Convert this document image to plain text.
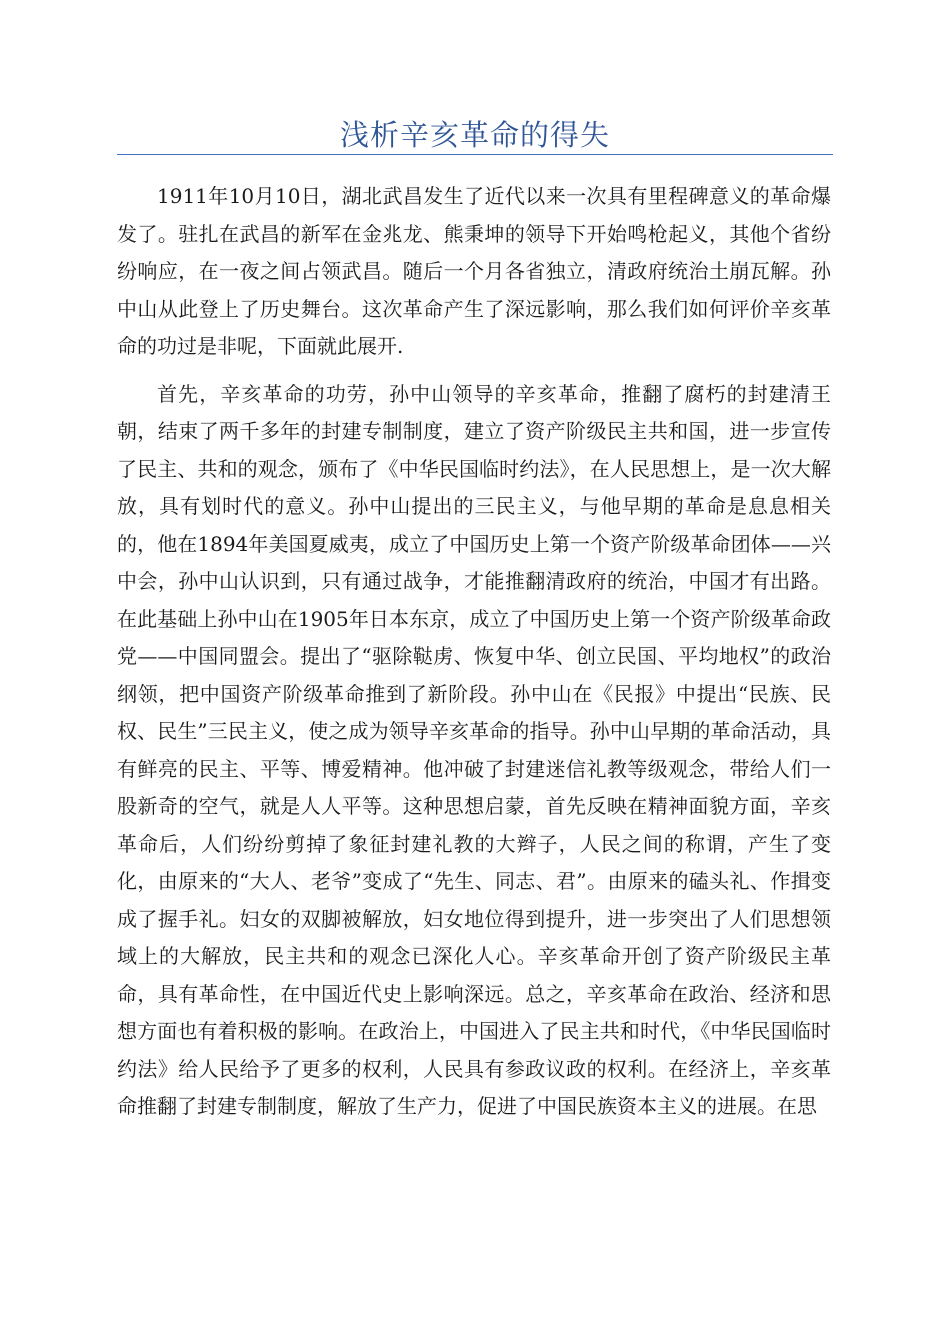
浅析辛亥革命的得失

1911年10月10日，湖北武昌发生了近代以来一次具有里程碑意义的革命爆发了。驻扎在武昌的新军在金兆龙、熊秉坤的领导下开始鸣枪起义，其他个省纷纷响应，在一夜之间占领武昌。随后一个月各省独立，清政府统治土崩瓦解。孙中山从此登上了历史舞台。这次革命产生了深远影响，那么我们如何评价辛亥革命的功过是非呢，下面就此展开.

首先，辛亥革命的功劳，孙中山领导的辛亥革命，推翻了腐朽的封建清王朝，结束了两千多年的封建专制制度，建立了资产阶级民主共和国，进一步宣传了民主、共和的观念，颁布了《中华民国临时约法》，在人民思想上，是一次大解放，具有划时代的意义。孙中山提出的三民主义，与他早期的革命是息息相关的，他在1894年美国夏威夷，成立了中国历史上第一个资产阶级革命团体——兴中会，孙中山认识到，只有通过战争，才能推翻清政府的统治，中国才有出路。在此基础上孙中山在1905年日本东京，成立了中国历史上第一个资产阶级革命政党——中国同盟会。提出了“驱除鞑虏、恢复中华、创立民国、平均地权”的政治纲领，把中国资产阶级革命推到了新阶段。孙中山在《民报》中提出“民族、民权、民生”三民主义，使之成为领导辛亥革命的指导。孙中山早期的革命活动，具有鲜亮的民主、平等、博爱精神。他冲破了封建迷信礼教等级观念，带给人们一股新奇的空气，就是人人平等。这种思想启蒙，首先反映在精神面貌方面，辛亥革命后，人们纷纷剪掉了象征封建礼教的大辫子，人民之间的称谓，产生了变化，由原来的“大人、老爷”变成了“先生、同志、君”。由原来的磕头礼、作揖变成了握手礼。妇女的双脚被解放，妇女地位得到提升，进一步突出了人们思想领域上的大解放，民主共和的观念已深化人心。辛亥革命开创了资产阶级民主革命，具有革命性，在中国近代史上影响深远。总之，辛亥革命在政治、经济和思想方面也有着积极的影响。在政治上，中国进入了民主共和时代，《中华民国临时约法》给人民给予了更多的权利，人民具有参政议政的权利。在经济上，辛亥革命推翻了封建专制制度，解放了生产力，促进了中国民族资本主义的进展。在思
